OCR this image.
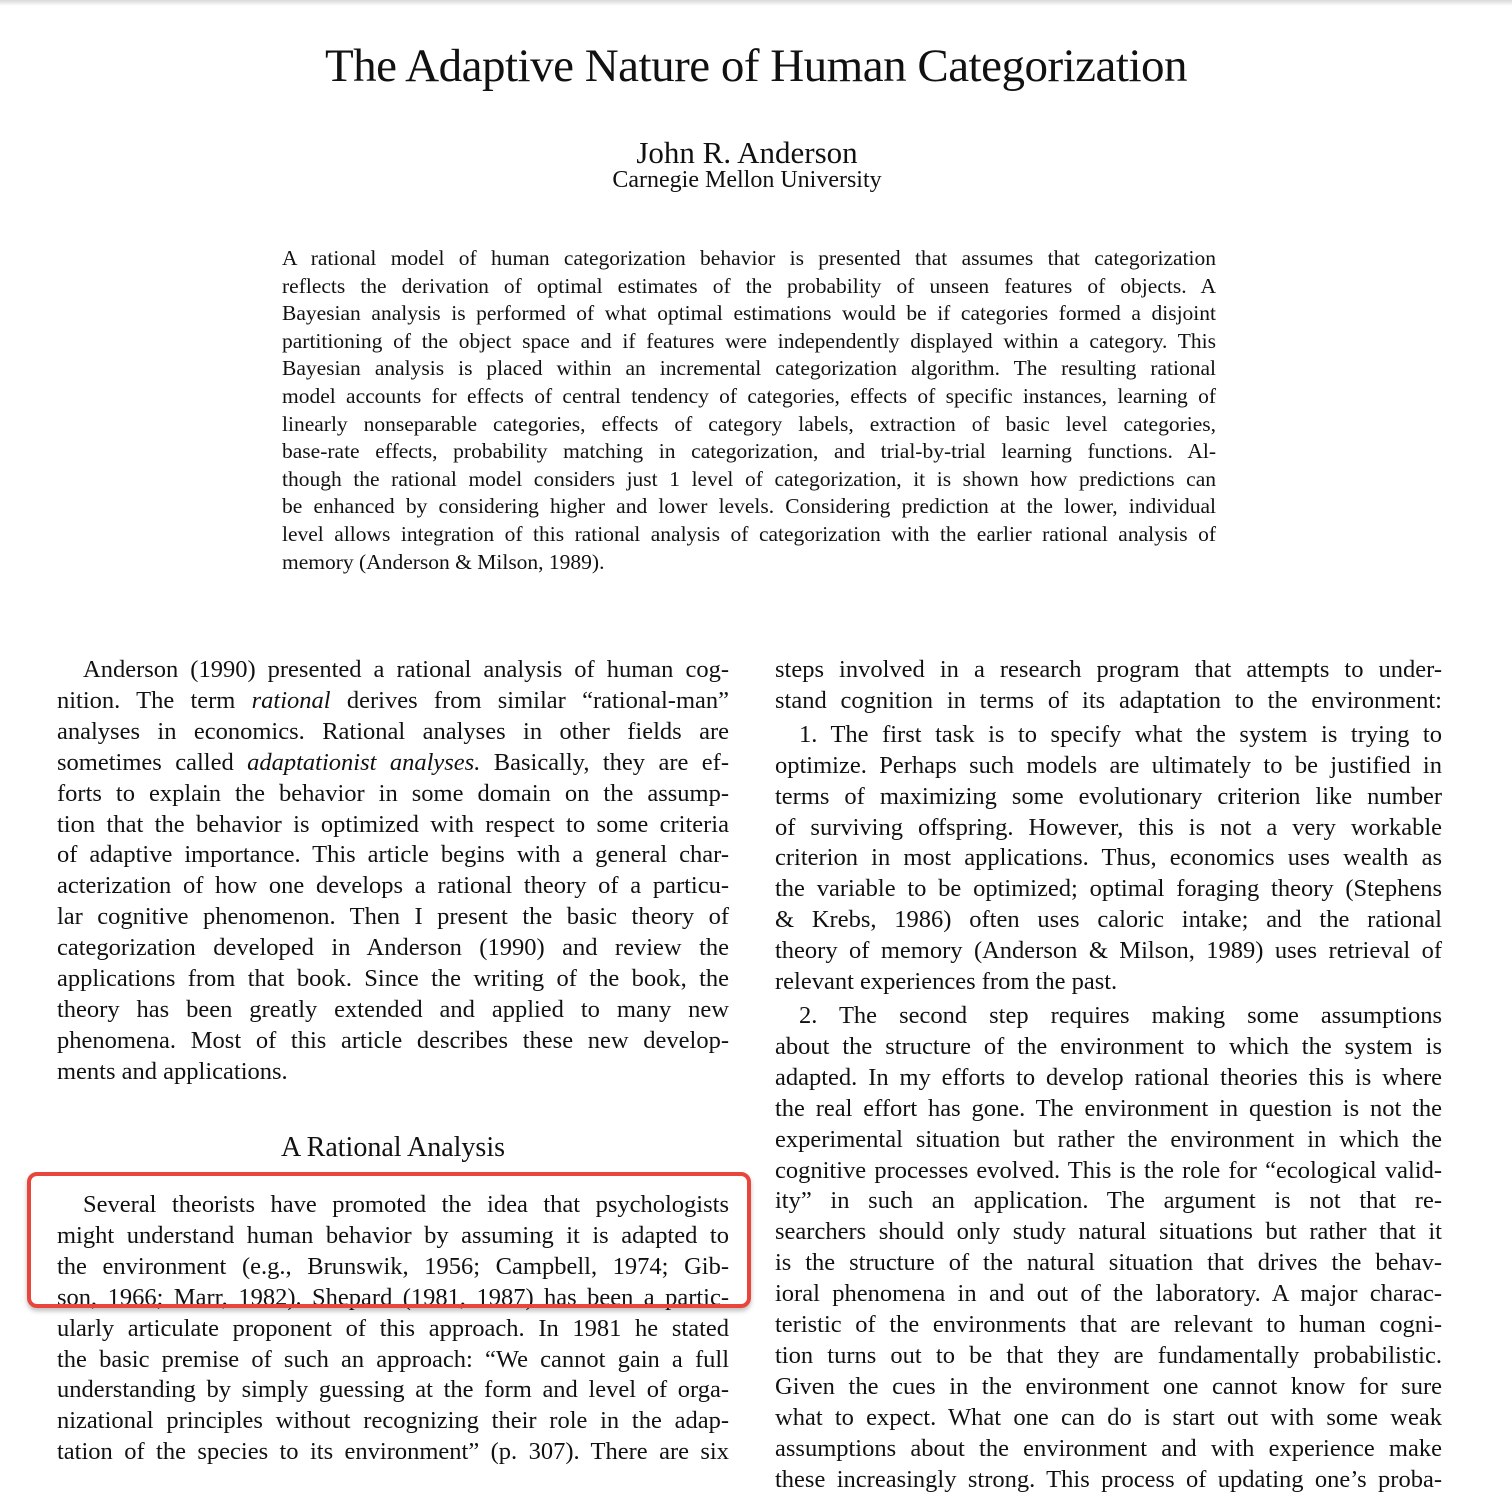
The Adaptive Nature of Human Categorization
John R. Anderson
Carnegie Mellon University
A rational model of human categorization behavior is presented that assumes that categorization
reflects the derivation of optimal estimates of the probability of unseen features of objects. A
Bayesian analysis is performed of what optimal estimations would be if categories formed a disjoint
partitioning of the object space and if features were independently displayed within a category. This
Bayesian analysis is placed within an incremental categorization algorithm. The resulting rational
model accounts for effects of central tendency of categories, effects of specific instances, learning of
linearly nonseparable categories, effects of category labels, extraction of basic level categories,
base-rate effects, probability matching in categorization, and trial-by-trial learning functions. Al-
though the rational model considers just 1 level of categorization, it is shown how predictions can
be enhanced by considering higher and lower levels. Considering prediction at the lower, individual
level allows integration of this rational analysis of categorization with the earlier rational analysis of
memory (Anderson & Milson, 1989).
Anderson (1990) presented a rational analysis of human cog-
nition. The term rational derives from similar “rational-man”
analyses in economics. Rational analyses in other fields are
sometimes called adaptationist analyses. Basically, they are ef-
forts to explain the behavior in some domain on the assump-
tion that the behavior is optimized with respect to some criteria
of adaptive importance. This article begins with a general char-
acterization of how one develops a rational theory of a particu-
lar cognitive phenomenon. Then I present the basic theory of
categorization developed in Anderson (1990) and review the
applications from that book. Since the writing of the book, the
theory has been greatly extended and applied to many new
phenomena. Most of this article describes these new develop-
ments and applications.
A Rational Analysis
Several theorists have promoted the idea that psychologists
might understand human behavior by assuming it is adapted to
the environment (e.g., Brunswik, 1956; Campbell, 1974; Gib-
son, 1966; Marr, 1982). Shepard (1981, 1987) has been a partic-
ularly articulate proponent of this approach. In 1981 he stated
the basic premise of such an approach: “We cannot gain a full
understanding by simply guessing at the form and level of orga-
nizational principles without recognizing their role in the adap-
tation of the species to its environment” (p. 307). There are six
steps involved in a research program that attempts to under-
stand cognition in terms of its adaptation to the environment:
1. The first task is to specify what the system is trying to
optimize. Perhaps such models are ultimately to be justified in
terms of maximizing some evolutionary criterion like number
of surviving offspring. However, this is not a very workable
criterion in most applications. Thus, economics uses wealth as
the variable to be optimized; optimal foraging theory (Stephens
& Krebs, 1986) often uses caloric intake; and the rational
theory of memory (Anderson & Milson, 1989) uses retrieval of
relevant experiences from the past.
2. The second step requires making some assumptions
about the structure of the environment to which the system is
adapted. In my efforts to develop rational theories this is where
the real effort has gone. The environment in question is not the
experimental situation but rather the environment in which the
cognitive processes evolved. This is the role for “ecological valid-
ity” in such an application. The argument is not that re-
searchers should only study natural situations but rather that it
is the structure of the natural situation that drives the behav-
ioral phenomena in and out of the laboratory. A major charac-
teristic of the environments that are relevant to human cogni-
tion turns out to be that they are fundamentally probabilistic.
Given the cues in the environment one cannot know for sure
what to expect. What one can do is start out with some weak
assumptions about the environment and with experience make
these increasingly strong. This process of updating one’s proba-
